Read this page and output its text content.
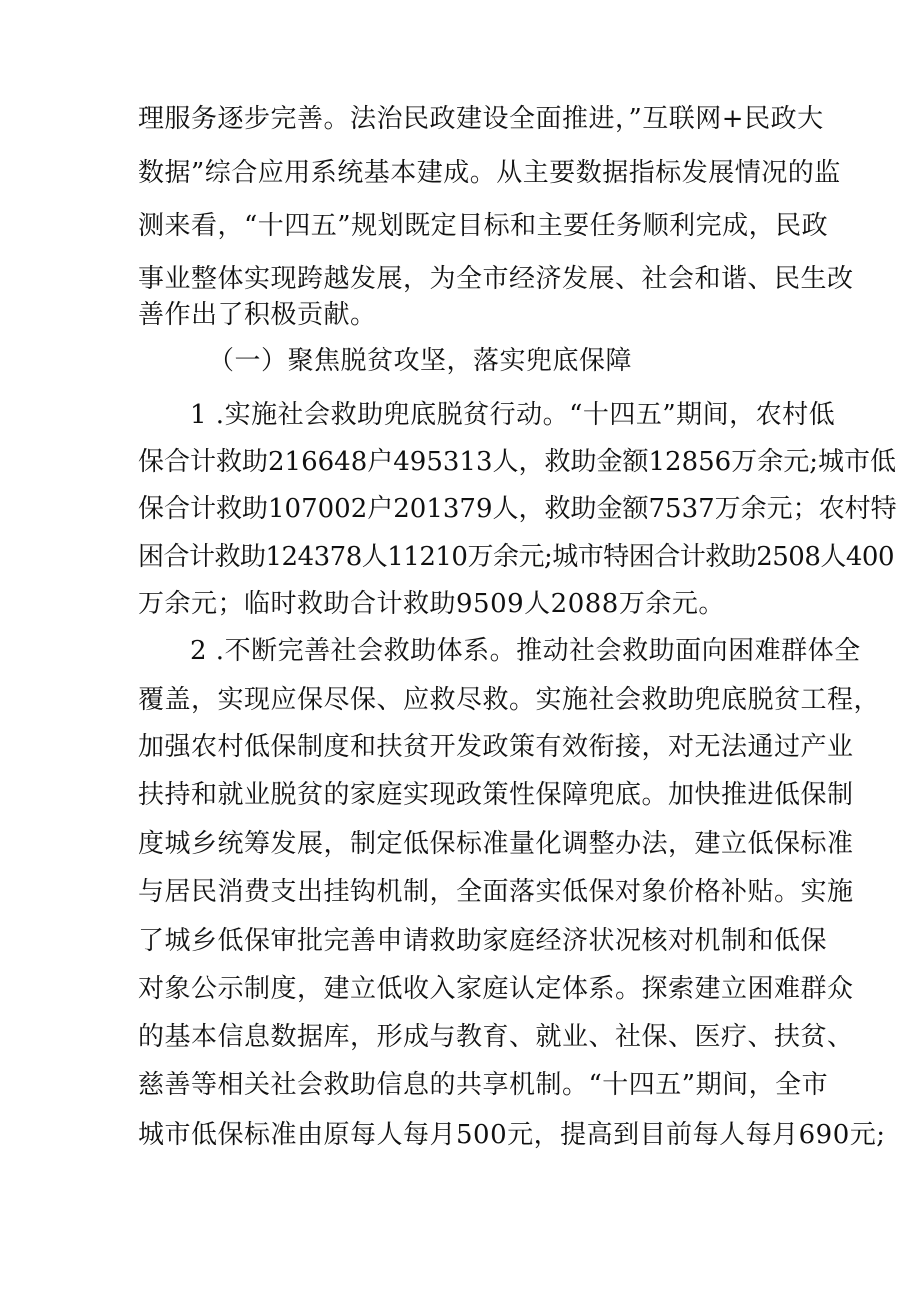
理服务逐步完善。法治民政建设全面推进，”互联网+民政大
数据”综合应用系统基本建成。从主要数据指标发展情况的监
测来看，“十四五”规划既定目标和主要任务顺利完成，民政
事业整体实现跨越发展，为全市经济发展、社会和谐、民生改
善作出了积极贡献。
（一）聚焦脱贫攻坚，落实兜底保障
1 .实施社会救助兜底脱贫行动。“十四五”期间，农村低
保合计救助216648户495313人，救助金额12856万余元;城市低
保合计救助107002户201379人，救助金额7537万余元；农村特
困合计救助124378人11210万余元;城市特困合计救助2508人400
万余元；临时救助合计救助9509人2088万余元。
2 .不断完善社会救助体系。推动社会救助面向困难群体全
覆盖，实现应保尽保、应救尽救。实施社会救助兜底脱贫工程，
加强农村低保制度和扶贫开发政策有效衔接，对无法通过产业
扶持和就业脱贫的家庭实现政策性保障兜底。加快推进低保制
度城乡统筹发展，制定低保标准量化调整办法，建立低保标准
与居民消费支出挂钩机制，全面落实低保对象价格补贴。实施
了城乡低保审批完善申请救助家庭经济状况核对机制和低保
对象公示制度，建立低收入家庭认定体系。探索建立困难群众
的基本信息数据库，形成与教育、就业、社保、医疗、扶贫、
慈善等相关社会救助信息的共享机制。“十四五”期间，全市
城市低保标准由原每人每月500元，提高到目前每人每月690元;
